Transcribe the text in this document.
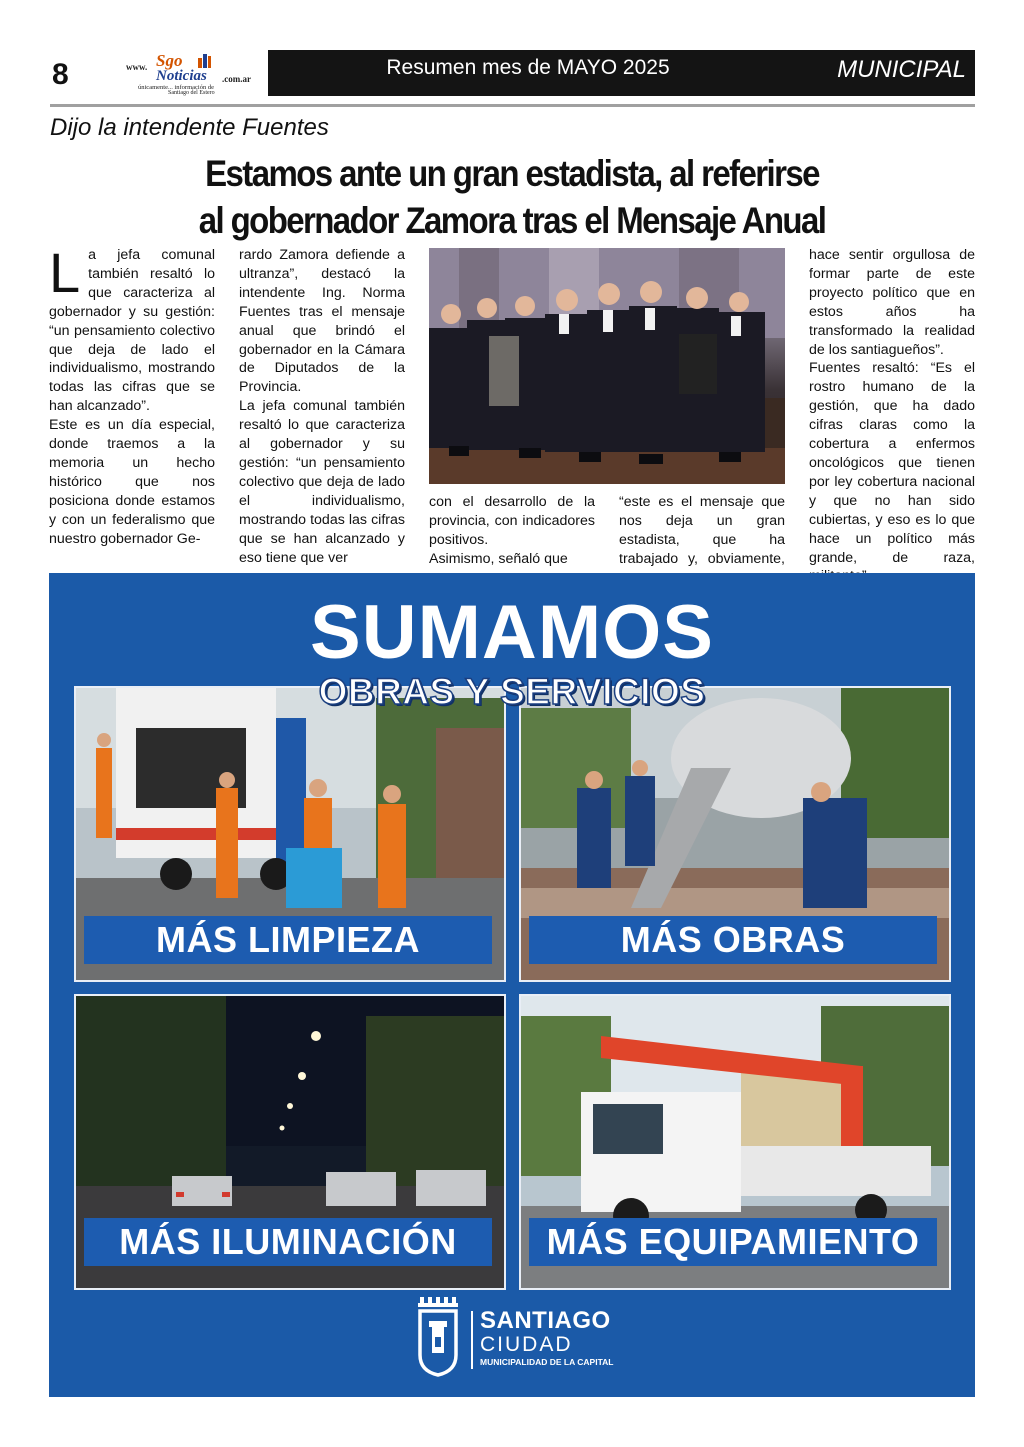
8	www. Sgo
Noticias .com.ar
únicamente... información de
Santiago del Estero
Resumen mes de MAYO 2025	MUNICIPAL
Dijo la intendente Fuentes
Estamos ante un gran estadista, al referirse
al gobernador Zamora tras el Mensaje Anual

La jefa comunal también resaltó lo que caracteriza al gobernador y su gestión: “un pensamiento colectivo que deja de lado el individualismo, mostrando todas las cifras que se han alcanzado”.

Este es un día especial, donde traemos a la memoria un hecho histórico que nos posiciona donde estamos y con un federalismo que nuestro gobernador Ge-

rardo Zamora defiende a ultranza”, destacó la intendente Ing. Norma Fuentes tras el mensaje anual que brindó el gobernador en la Cámara de Diputados de la Provincia.

La jefa comunal también resaltó lo que caracteriza al gobernador y su gestión: “un pensamiento colectivo que deja de lado el individualismo, mostrando todas las cifras que se han alcanzado y eso tiene que ver

con el desarrollo de la provincia, con indicadores positivos.

Asimismo, señaló que

“este es el mensaje que nos deja un gran estadista, que ha trabajado y, obviamente,

hace sentir orgullosa de formar parte de este proyecto político que en estos años ha transformado la realidad de los santiagueños”.

Fuentes resaltó: “Es el rostro humano de la gestión, que ha dado cifras claras como la cobertura a enfermos oncológicos que tienen por ley cobertura nacional y que no han sido cubiertas, y eso es lo que hace un político más grande, de raza,

SUMAMOS
OBRAS Y SERVICIOS
MÁS LIMPIEZA	MÁS OBRAS
MÁS ILUMINACIÓN	MÁS EQUIPAMIENTO
SANTIAGO
CIUDAD
MUNICIPALIDAD DE LA CAPITAL
